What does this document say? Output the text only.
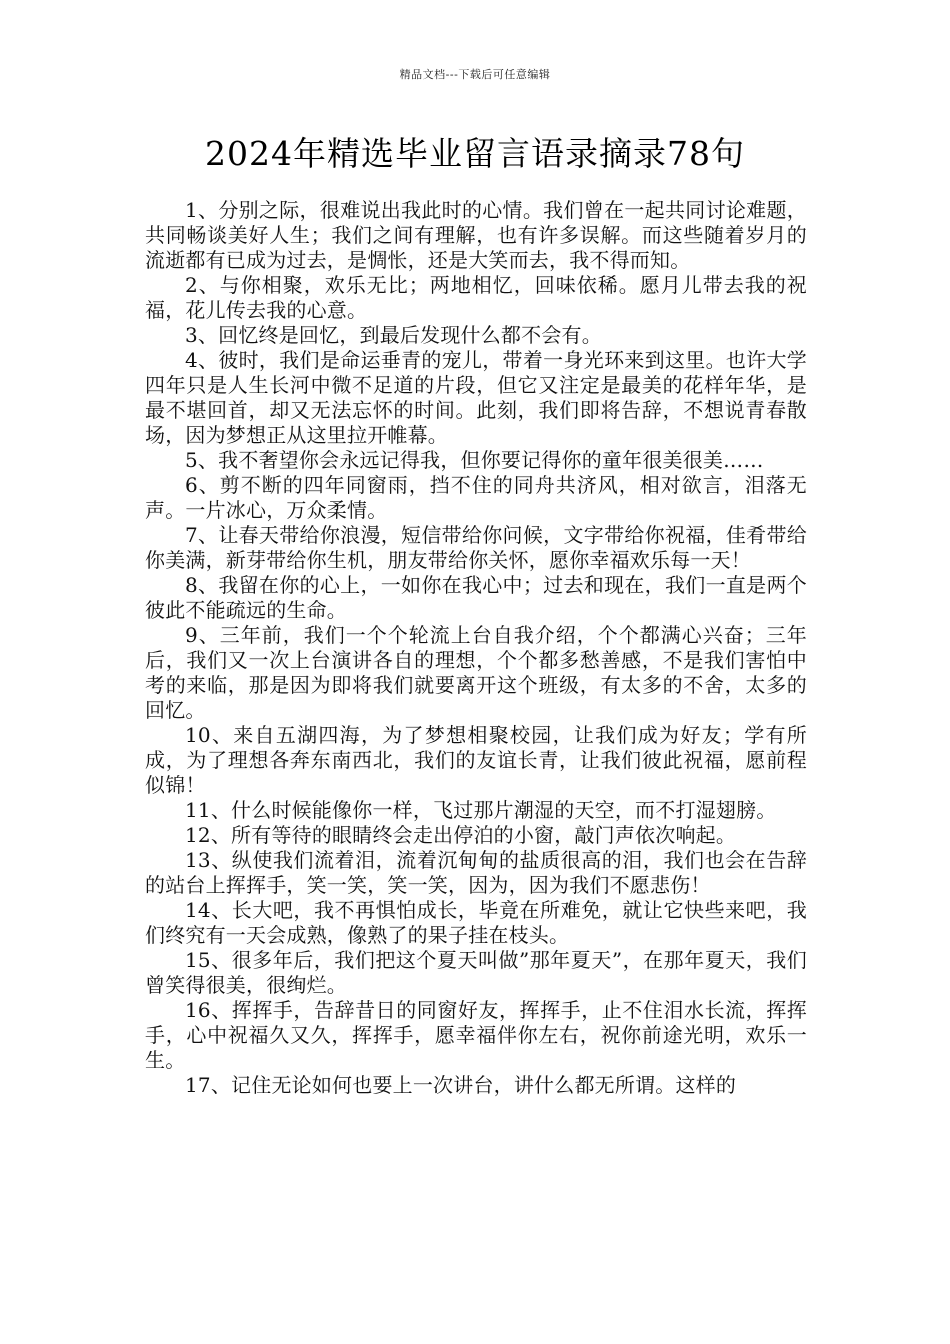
精品文档---下载后可任意编辑
2024年精选毕业留言语录摘录78句

1、分别之际，很难说出我此时的心情。我们曾在一起共同讨论难题，共同畅谈美好人生；我们之间有理解，也有许多误解。而这些随着岁月的流逝都有已成为过去，是惆怅，还是大笑而去，我不得而知。

2、与你相聚，欢乐无比；两地相忆，回味依稀。愿月儿带去我的祝福，花儿传去我的心意。

3、回忆终是回忆，到最后发现什么都不会有。

4、彼时，我们是命运垂青的宠儿，带着一身光环来到这里。也许大学四年只是人生长河中微不足道的片段，但它又注定是最美的花样年华，是最不堪回首，却又无法忘怀的时间。此刻，我们即将告辞，不想说青春散场，因为梦想正从这里拉开帷幕。

5、我不奢望你会永远记得我，但你要记得你的童年很美很美……

6、剪不断的四年同窗雨，挡不住的同舟共济风，相对欲言，泪落无声。一片冰心，万众柔情。

7、让春天带给你浪漫，短信带给你问候，文字带给你祝福，佳肴带给你美满，新芽带给你生机，朋友带给你关怀，愿你幸福欢乐每一天！

8、我留在你的心上，一如你在我心中；过去和现在，我们一直是两个彼此不能疏远的生命。

9、三年前，我们一个个轮流上台自我介绍，个个都满心兴奋；三年后，我们又一次上台演讲各自的理想，个个都多愁善感，不是我们害怕中考的来临，那是因为即将我们就要离开这个班级，有太多的不舍，太多的回忆。

10、来自五湖四海，为了梦想相聚校园，让我们成为好友；学有所成，为了理想各奔东南西北，我们的友谊长青，让我们彼此祝福，愿前程似锦！

11、什么时候能像你一样，飞过那片潮湿的天空，而不打湿翅膀。

12、所有等待的眼睛终会走出停泊的小窗，敲门声依次响起。

13、纵使我们流着泪，流着沉甸甸的盐质很高的泪，我们也会在告辞的站台上挥挥手，笑一笑，笑一笑，因为，因为我们不愿悲伤！

14、长大吧，我不再惧怕成长，毕竟在所难免，就让它快些来吧，我们终究有一天会成熟，像熟了的果子挂在枝头。

15、很多年后，我们把这个夏天叫做”那年夏天”，在那年夏天，我们曾笑得很美，很绚烂。

16、挥挥手，告辞昔日的同窗好友，挥挥手，止不住泪水长流，挥挥手，心中祝福久又久，挥挥手，愿幸福伴你左右，祝你前途光明，欢乐一生。

17、记住无论如何也要上一次讲台，讲什么都无所谓。这样的
